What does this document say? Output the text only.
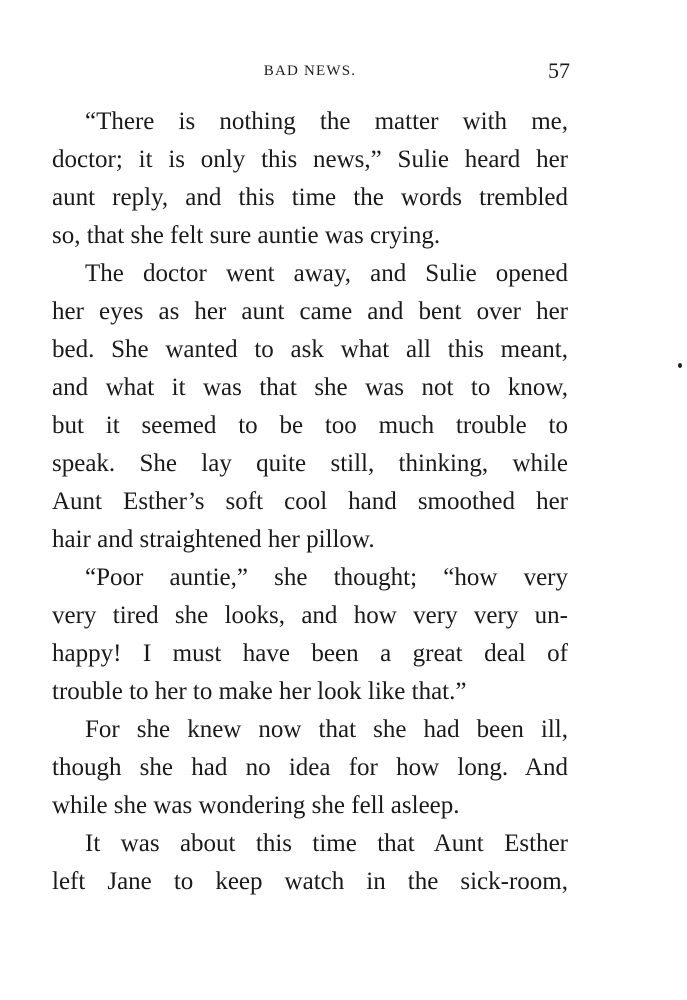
BAD NEWS.	57
“There is nothing the matter with me,
doctor; it is only this news,” Sulie heard her
aunt reply, and this time the words trembled
so, that she felt sure auntie was crying.
The doctor went away, and Sulie opened
her eyes as her aunt came and bent over her
bed. She wanted to ask what all this meant,
and what it was that she was not to know,
but it seemed to be too much trouble to
speak. She lay quite still, thinking, while
Aunt Esther’s soft cool hand smoothed her
hair and straightened her pillow.
“Poor auntie,” she thought; “how very
very tired she looks, and how very very un-
happy! I must have been a great deal of
trouble to her to make her look like that.”
For she knew now that she had been ill,
though she had no idea for how long. And
while she was wondering she fell asleep.
It was about this time that Aunt Esther
left Jane to keep watch in the sick-room,
